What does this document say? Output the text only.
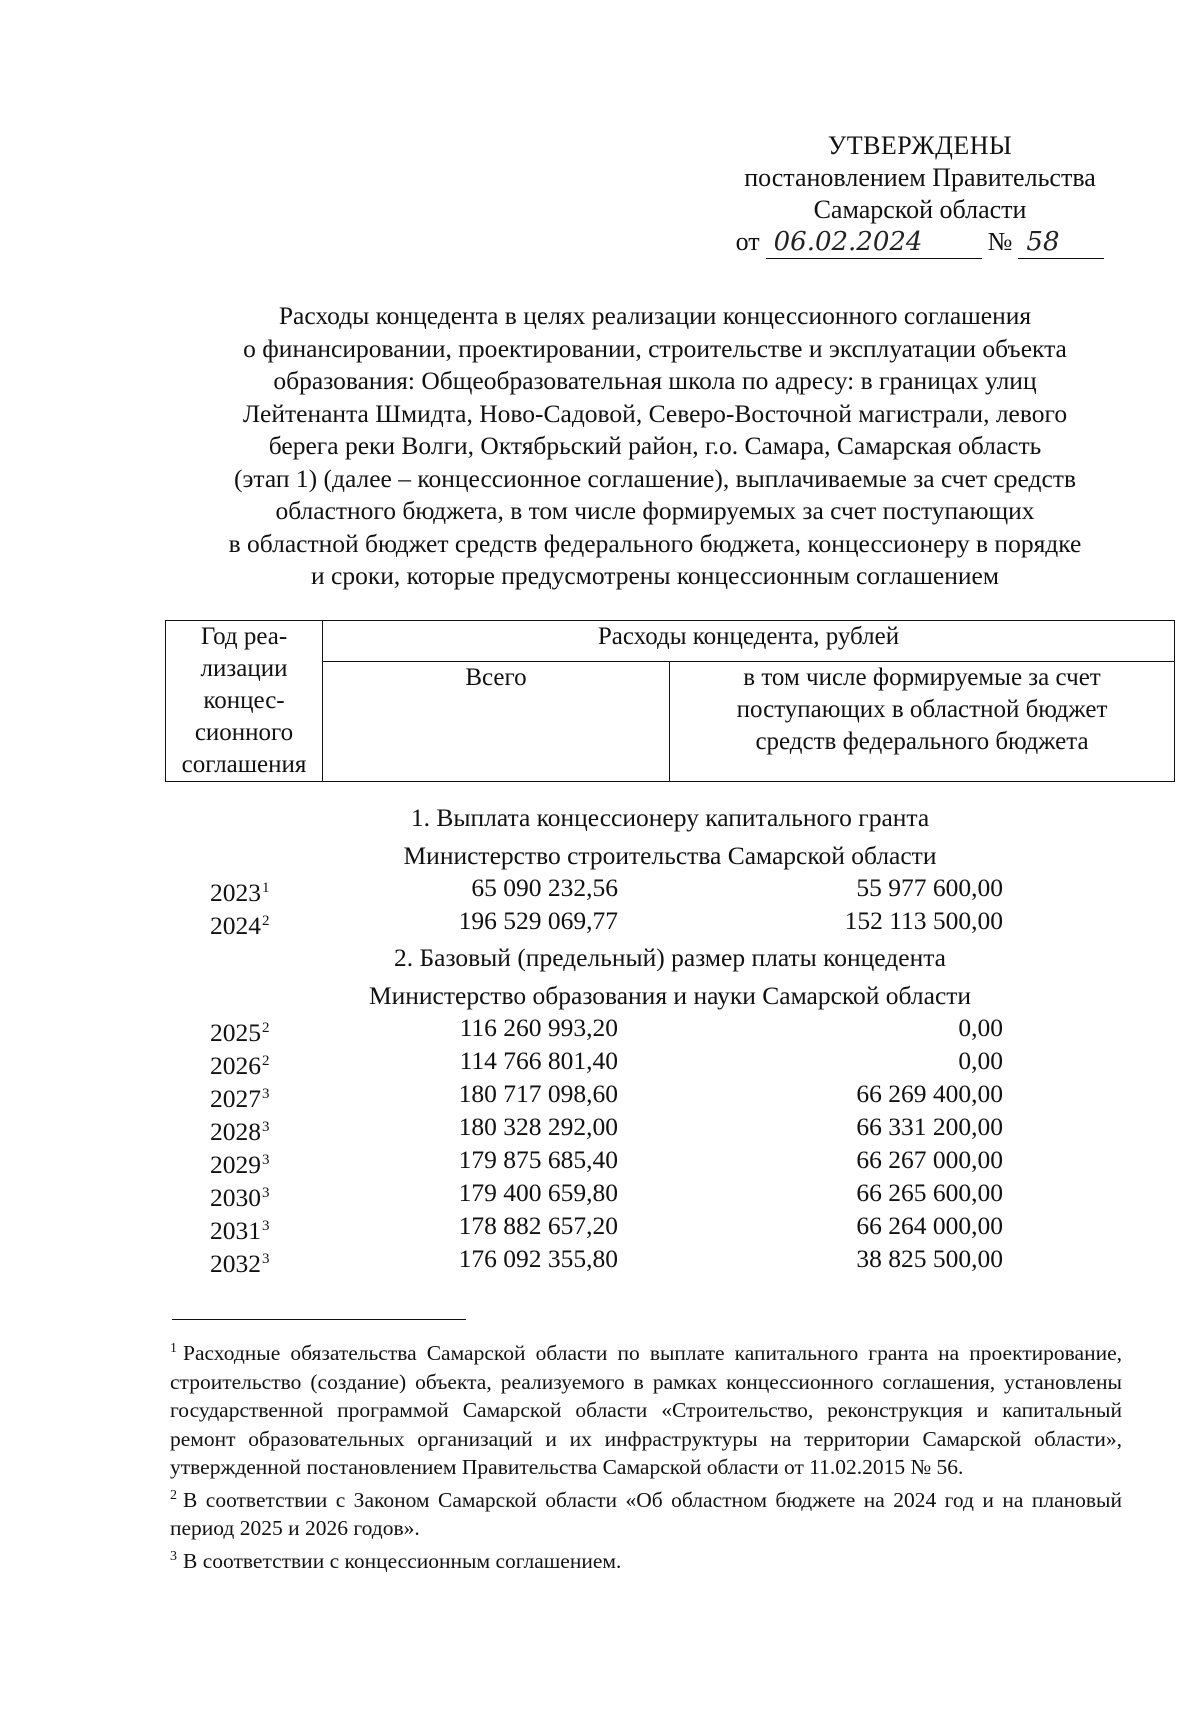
УТВЕРЖДЕНЫ
постановлением Правительства
Самарской области
от 06.02.2024	№ 58
Расходы концедента в целях реализации концессионного соглашения
о финансировании, проектировании, строительстве и эксплуатации объекта
образования: Общеобразовательная школа по адресу: в границах улиц
Лейтенанта Шмидта, Ново-Садовой, Северо-Восточной магистрали, левого
берега реки Волги, Октябрьский район, г.о. Самара, Самарская область
(этап 1) (далее – концессионное соглашение), выплачиваемые за счет средств
областного бюджета, в том числе формируемых за счет поступающих
в областной бюджет средств федерального бюджета, концессионеру в порядке
и сроки, которые предусмотрены концессионным соглашением
Год реа-
лизации
концес-
сионного
соглашения	Расходы концедента, рублей	
	Всего	в том числе формируемые за счет
поступающих в областной бюджет
средств федерального бюджета
1. Выплата концессионеру капитального гранта
Министерство строительства Самарской области
2023$^1$	65 090 232,56	55 977 600,00
2024$^2$	196 529 069,77	152 113 500,00
2. Базовый (предельный) размер платы концедента
Министерство образования и науки Самарской области
2025$^2$	116 260 993,20	0,00
2026$^2$	114 766 801,40	0,00
2027$^3$	180 717 098,60	66 269 400,00
2028$^3$	180 328 292,00	66 331 200,00
2029$^3$	179 875 685,40	66 267 000,00
2030$^3$	179 400 659,80	66 265 600,00
2031$^3$	178 882 657,20	66 264 000,00
2032$^3$	176 092 355,80	38 825 500,00

$^1$ Расходные обязательства Самарской области по выплате капитального гранта на проектирование, строительство (создание) объекта, реализуемого в рамках концессионного соглашения, установлены государственной программой Самарской области «Строительство, реконструкция и капитальный ремонт образовательных организаций и их инфраструктуры на территории Самарской области», утвержденной постановлением Правительства Самарской области от 11.02.2015 № 56.

$^2$ В соответствии с Законом Самарской области «Об областном бюджете на 2024 год и на плановый период 2025 и 2026 годов».

$^3$ В соответствии с концессионным соглашением.
